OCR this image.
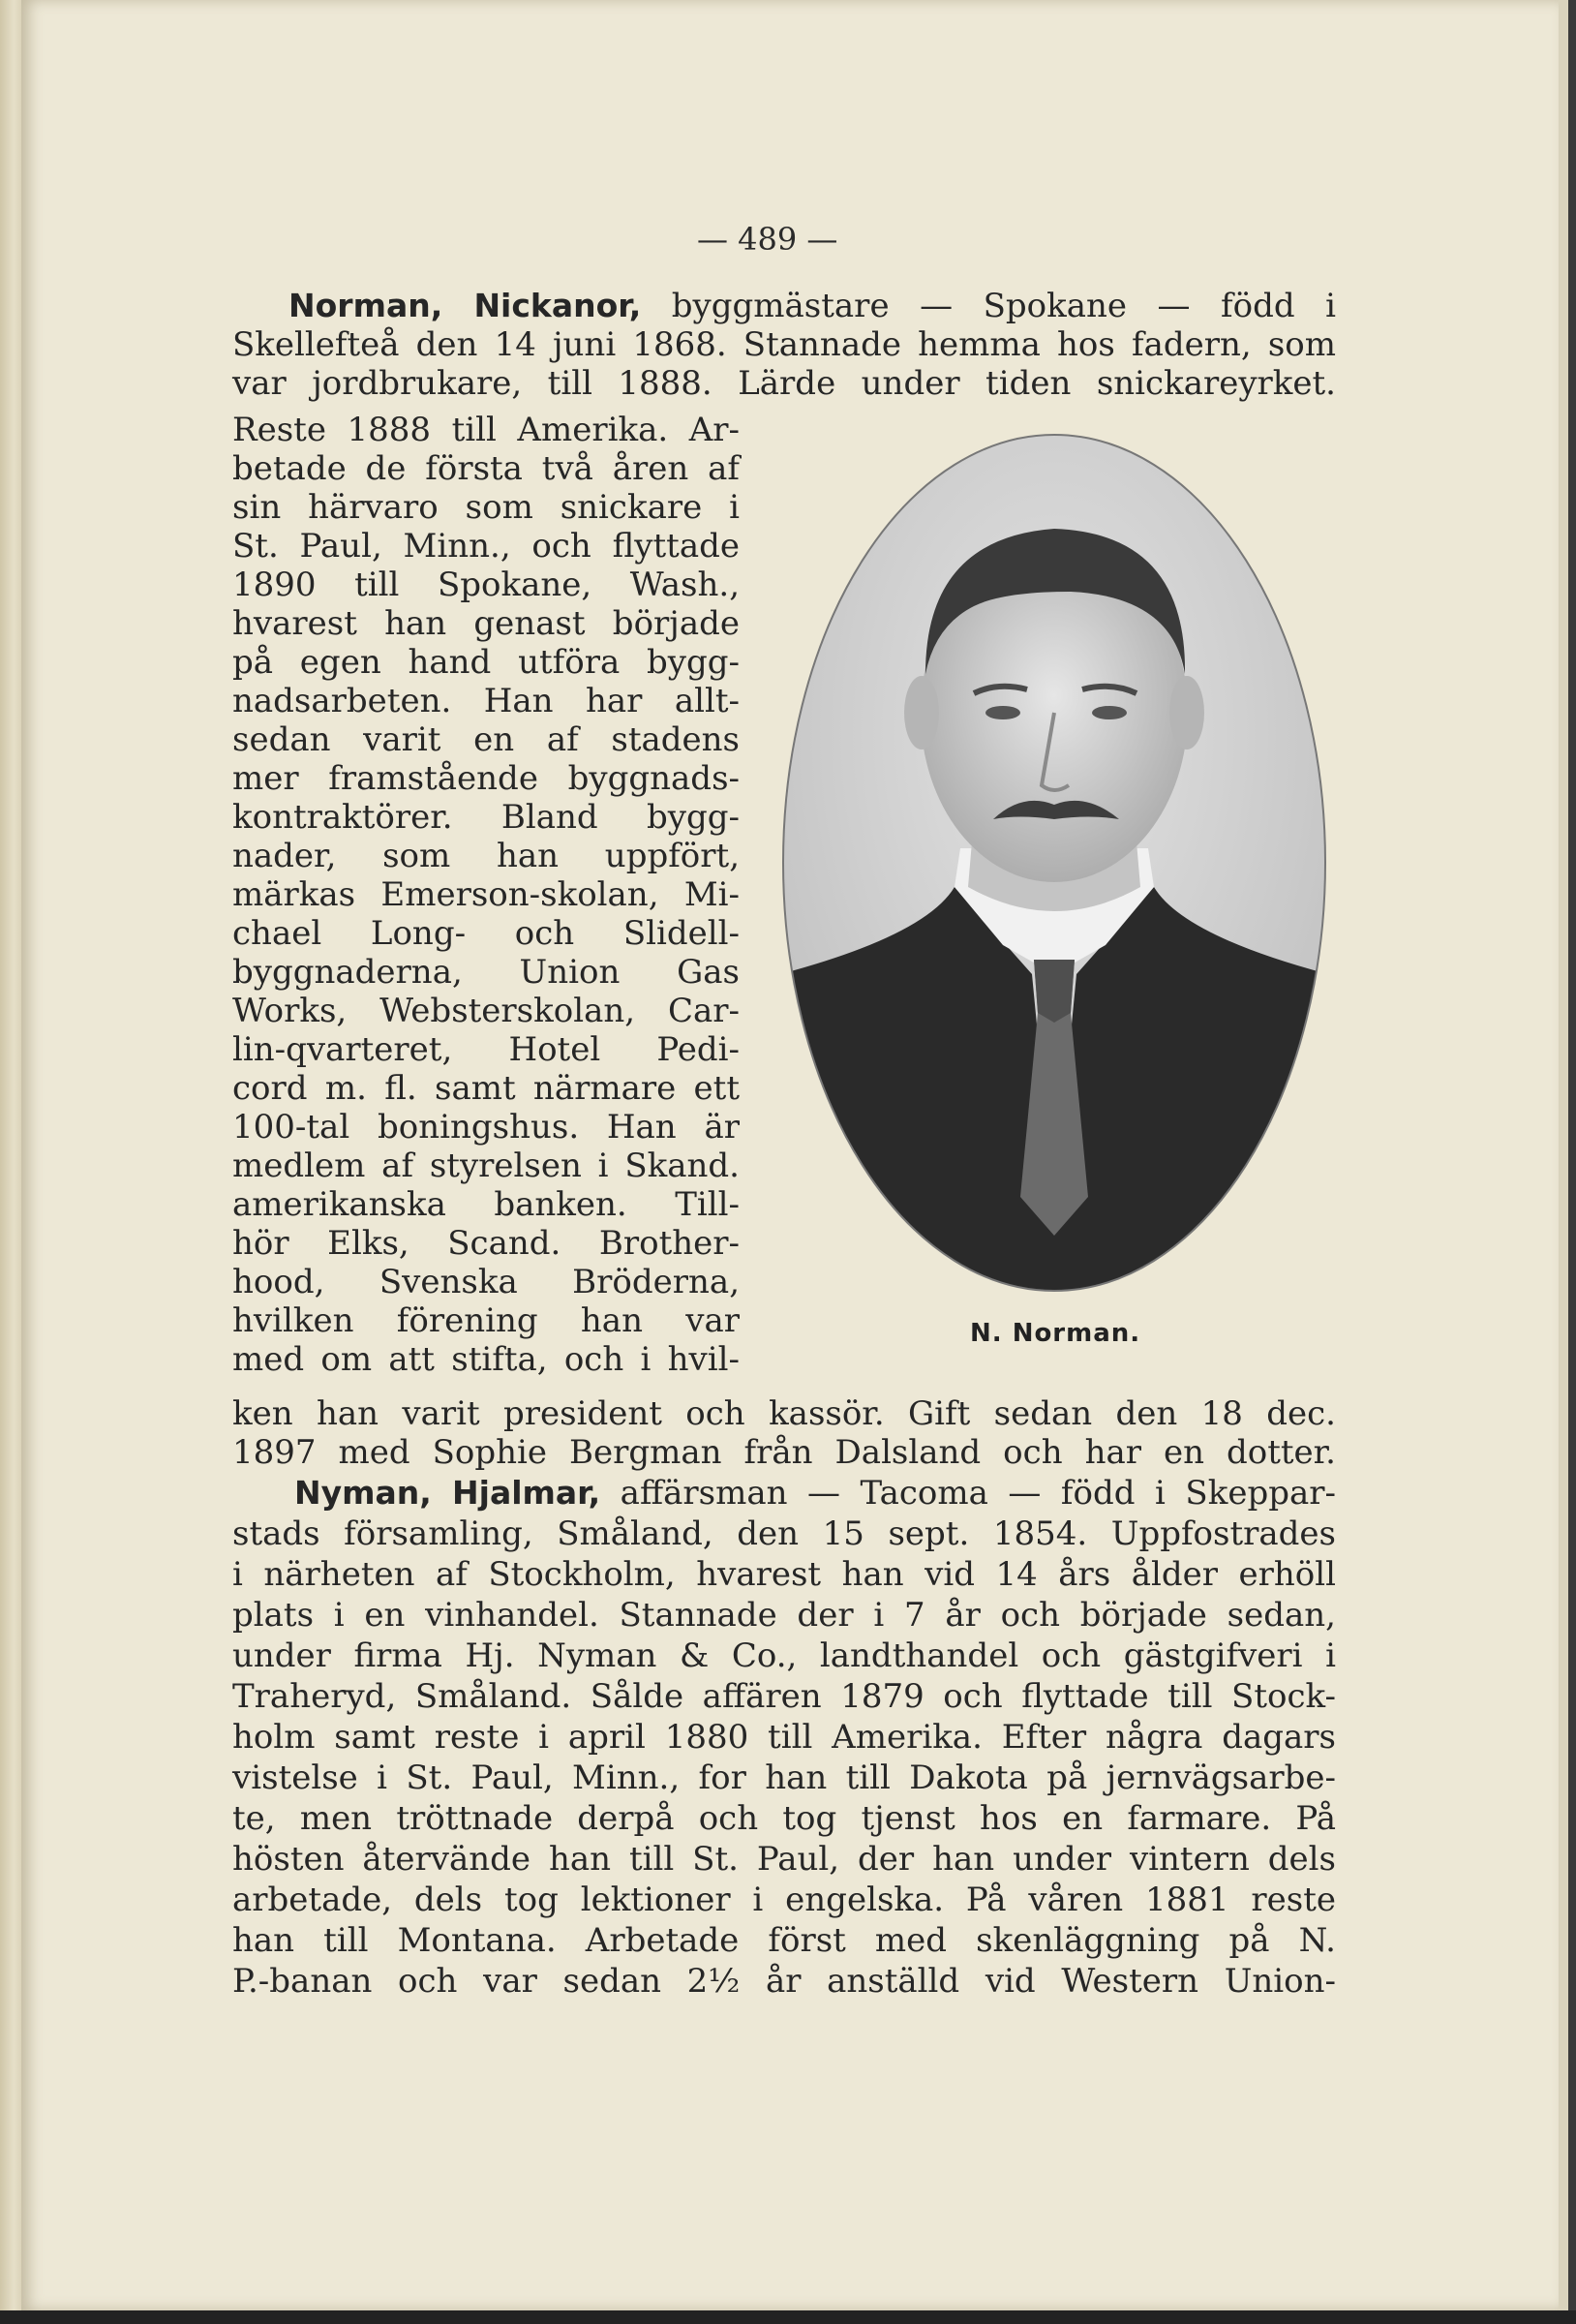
— 489 —

Norman, Nickanor, byggmästare — Spokane — född i

Skellefteå den 14 juni 1868. Stannade hemma hos fadern, som

var jordbrukare, till 1888. Lärde under tiden snickareyrket.

Reste 1888 till Amerika. Ar-

betade de första två åren af

sin härvaro som snickare i

St. Paul, Minn., och flyttade

1890 till Spokane, Wash.,

hvarest han genast började

på egen hand utföra bygg-

nadsarbeten. Han har allt-

sedan varit en af stadens

mer framstående byggnads-

kontraktörer. Bland bygg-

nader, som han uppfört,

märkas Emerson-skolan, Mi-

chael Long- och Slidell-

byggnaderna, Union Gas

Works, Websterskolan, Car-

lin-qvarteret, Hotel Pedi-

cord m. fl. samt närmare ett

100-tal boningshus. Han är

medlem af styrelsen i Skand.

amerikanska banken. Till-

hör Elks, Scand. Brother-

hood, Svenska Bröderna,

hvilken förening han var

med om att stifta, och i hvil-

ken han varit president och kassör. Gift sedan den 18 dec.

1897 med Sophie Bergman från Dalsland och har en dotter.

Nyman, Hjalmar, affärsman — Tacoma — född i Skeppar-

stads församling, Småland, den 15 sept. 1854. Uppfostrades

i närheten af Stockholm, hvarest han vid 14 års ålder erhöll

plats i en vinhandel. Stannade der i 7 år och började sedan,

under firma Hj. Nyman & Co., landthandel och gästgifveri i

Traheryd, Småland. Sålde affären 1879 och flyttade till Stock-

holm samt reste i april 1880 till Amerika. Efter några dagars

vistelse i St. Paul, Minn., for han till Dakota på jernvägsarbe-

te, men tröttnade derpå och tog tjenst hos en farmare. På

hösten återvände han till St. Paul, der han under vintern dels

arbetade, dels tog lektioner i engelska. På våren 1881 reste

han till Montana. Arbetade först med skenläggning på N.

P.-banan och var sedan 2½ år anställd vid Western Union-

N. Norman.
